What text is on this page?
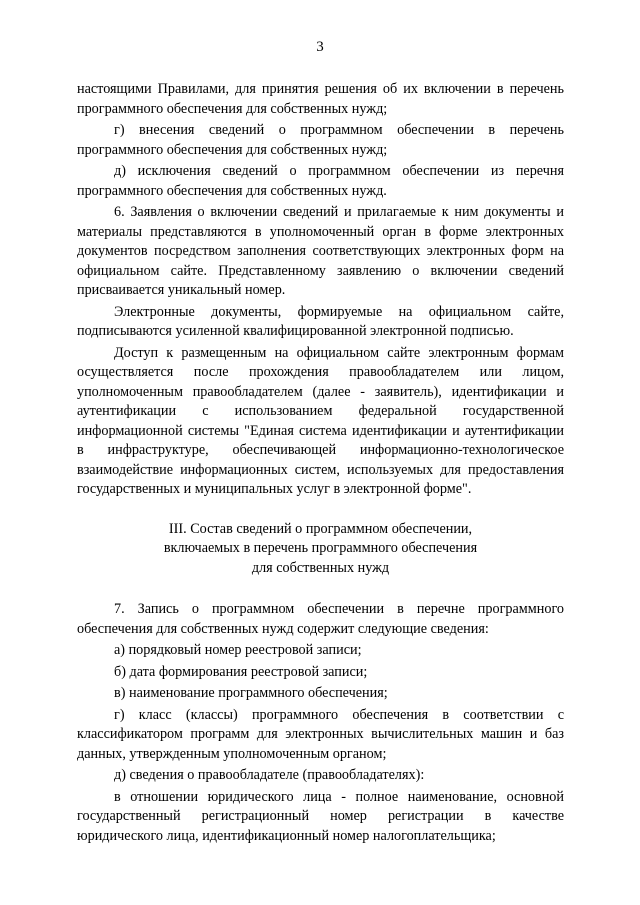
3

настоящими Правилами, для принятия решения об их включении в перечень программного обеспечения для собственных нужд;

г) внесения сведений о программном обеспечении в перечень программного обеспечения для собственных нужд;

д) исключения сведений о программном обеспечении из перечня программного обеспечения для собственных нужд.

6. Заявления о включении сведений и прилагаемые к ним документы и материалы представляются в уполномоченный орган в форме электронных документов посредством заполнения соответствующих электронных форм на официальном сайте. Представленному заявлению о включении сведений присваивается уникальный номер.

Электронные документы, формируемые на официальном сайте, подписываются усиленной квалифицированной электронной подписью.

Доступ к размещенным на официальном сайте электронным формам осуществляется после прохождения правообладателем или лицом, уполномоченным правообладателем (далее - заявитель), идентификации и аутентификации с использованием федеральной государственной информационной системы "Единая система идентификации и аутентификации в инфраструктуре, обеспечивающей информационно-технологическое взаимодействие информационных систем, используемых для предоставления государственных и муниципальных услуг в электронной форме".

III. Состав сведений о программном обеспечении,
включаемых в перечень программного обеспечения
для собственных нужд

7. Запись о программном обеспечении в перечне программного обеспечения для собственных нужд содержит следующие сведения:

а) порядковый номер реестровой записи;

б) дата формирования реестровой записи;

в) наименование программного обеспечения;

г) класс (классы) программного обеспечения в соответствии с классификатором программ для электронных вычислительных машин и баз данных, утвержденным уполномоченным органом;

д) сведения о правообладателе (правообладателях):

в отношении юридического лица - полное наименование, основной государственный регистрационный номер регистрации в качестве юридического лица, идентификационный номер налогоплательщика;
